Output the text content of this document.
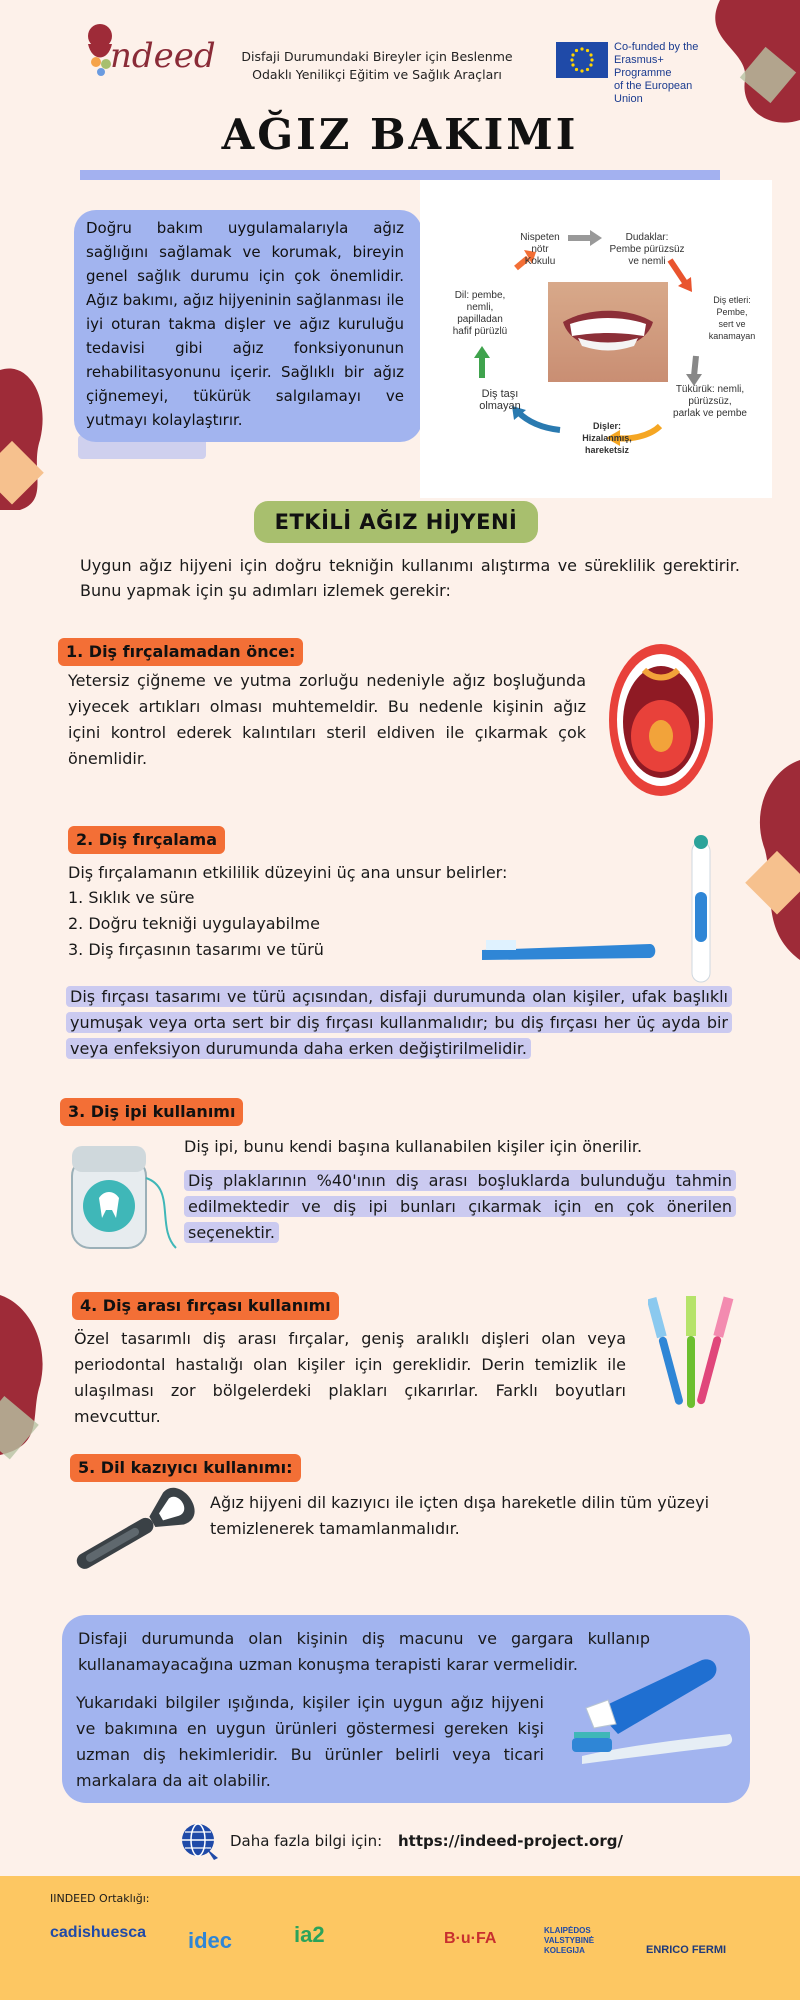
ndeed	Disfaji Durumundaki Bireyler için Beslenme
Odaklı Yenilikçi Eğitim ve Sağlık Araçları
Co-funded by the
Erasmus+ Programme
of the European Union
AĞIZ BAKIMI
Doğru bakım uygulamalarıyla ağız sağlığını sağlamak ve korumak, bireyin genel sağlık durumu için çok önemlidir. Ağız bakımı, ağız hijyeninin sağlanması ile iyi oturan takma dişler ve ağız kuruluğu tedavisi gibi ağız fonksiyonunun rehabilitasyonunu içerir. Sağlıklı bir ağız çiğnemeyi, tükürük salgılamayı ve yutmayı kolaylaştırır.
Nispeten
nötr
Kokulu
Dudaklar:
Pembe pürüzsüz
ve nemli
Diş etleri:
Pembe,
sert ve
kanamayan
Tükürük: nemli,
pürüzsüz,
parlak ve pembe
Dişler:
Hizalanmış,
hareketsiz
Diş taşı
olmayan
Dil: pembe,
nemli,
papilladan
hafif pürüzlü
ETKİLİ AĞIZ HİJYENİ
Uygun ağız hijyeni için doğru tekniğin kullanımı alıştırma ve süreklilik gerektirir. Bunu yapmak için şu adımları izlemek gerekir:
1. Diş fırçalamadan önce:
Yetersiz çiğneme ve yutma zorluğu nedeniyle ağız boşluğunda yiyecek artıkları olması muhtemeldir. Bu nedenle kişinin ağız içini kontrol ederek kalıntıları steril eldiven ile çıkarmak çok önemlidir.
2. Diş fırçalama
Diş fırçalamanın etkililik düzeyini üç ana unsur belirler:
1. Sıklık ve süre
2. Doğru tekniği uygulayabilme
3. Diş fırçasının tasarımı ve türü
Diş fırçası tasarımı ve türü açısından, disfaji durumunda olan kişiler, ufak başlıklı yumuşak veya orta sert bir diş fırçası kullanmalıdır; bu diş fırçası her üç ayda bir veya enfeksiyon durumunda daha erken değiştirilmelidir.
3. Diş ipi kullanımı
Diş ipi, bunu kendi başına kullanabilen kişiler için önerilir.
Diş plaklarının %40'ının diş arası boşluklarda bulunduğu tahmin edilmektedir ve diş ipi bunları çıkarmak için en çok önerilen seçenektir.
4. Diş arası fırçası kullanımı
Özel tasarımlı diş arası fırçalar, geniş aralıklı dişleri olan veya periodontal hastalığı olan kişiler için gereklidir. Derin temizlik ile ulaşılması zor bölgelerdeki plakları çıkarırlar. Farklı boyutları mevcuttur.
5. Dil kazıyıcı kullanımı:
Ağız hijyeni dil kazıyıcı ile içten dışa hareketle dilin tüm yüzeyi temizlenerek tamamlanmalıdır.
Disfaji durumunda olan kişinin diş macunu ve gargara kullanıp kullanamayacağına uzman konuşma terapisti karar vermelidir.
Yukarıdaki bilgiler ışığında, kişiler için uygun ağız hijyeni ve bakımına en uygun ürünleri göstermesi gereken kişi uzman diş hekimleridir. Bu ürünler belirli veya ticari markalara da ait olabilir.
Daha fazla bilgi için: https://indeed-project.org/
IINDEED Ortaklığı:
cadishuesca idec	ia2	B·u·FA	KLAIPĖDOS VALSTYBINĖ KOLEGIJA	ENRICO FERMI
